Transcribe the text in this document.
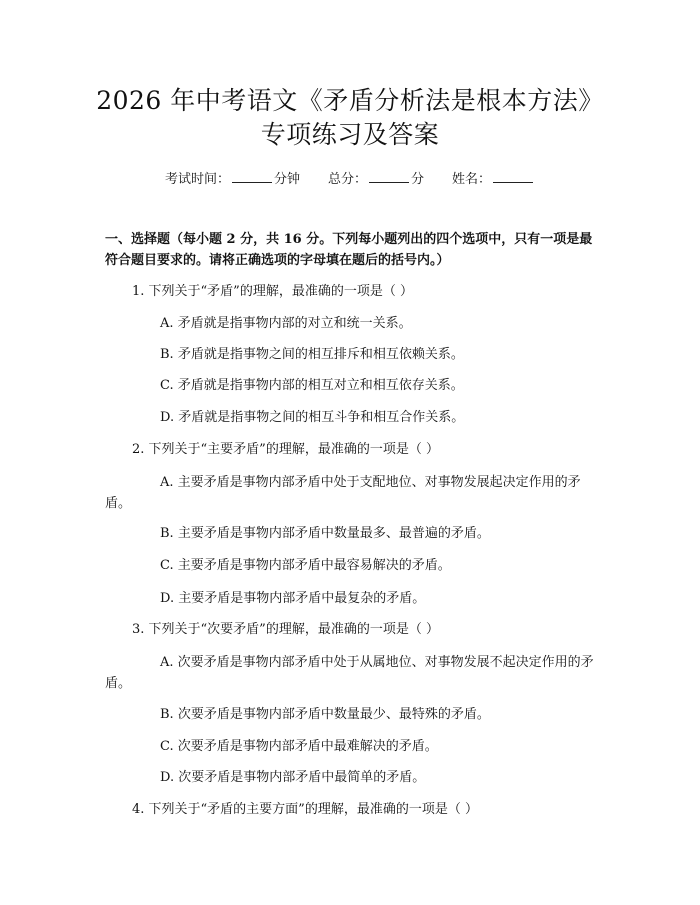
2026 年中考语文《矛盾分析法是根本方法》
专项练习及答案
考试时间：	分钟 总分：	分 姓名：
一、选择题（每小题 2 分，共 16 分。下列每小题列出的四个选项中，只有一项是最符合题目要求的。请将正确选项的字母填在题后的括号内。）
1. 下列关于“矛盾”的理解，最准确的一项是（ ）
A. 矛盾就是指事物内部的对立和统一关系。
B. 矛盾就是指事物之间的相互排斥和相互依赖关系。
C. 矛盾就是指事物内部的相互对立和相互依存关系。
D. 矛盾就是指事物之间的相互斗争和相互合作关系。
2. 下列关于“主要矛盾”的理解，最准确的一项是（ ）
A. 主要矛盾是事物内部矛盾中处于支配地位、对事物发展起决定作用的矛盾。
B. 主要矛盾是事物内部矛盾中数量最多、最普遍的矛盾。
C. 主要矛盾是事物内部矛盾中最容易解决的矛盾。
D. 主要矛盾是事物内部矛盾中最复杂的矛盾。
3. 下列关于“次要矛盾”的理解，最准确的一项是（ ）
A. 次要矛盾是事物内部矛盾中处于从属地位、对事物发展不起决定作用的矛盾。
B. 次要矛盾是事物内部矛盾中数量最少、最特殊的矛盾。
C. 次要矛盾是事物内部矛盾中最难解决的矛盾。
D. 次要矛盾是事物内部矛盾中最简单的矛盾。
4. 下列关于“矛盾的主要方面”的理解，最准确的一项是（ ）
